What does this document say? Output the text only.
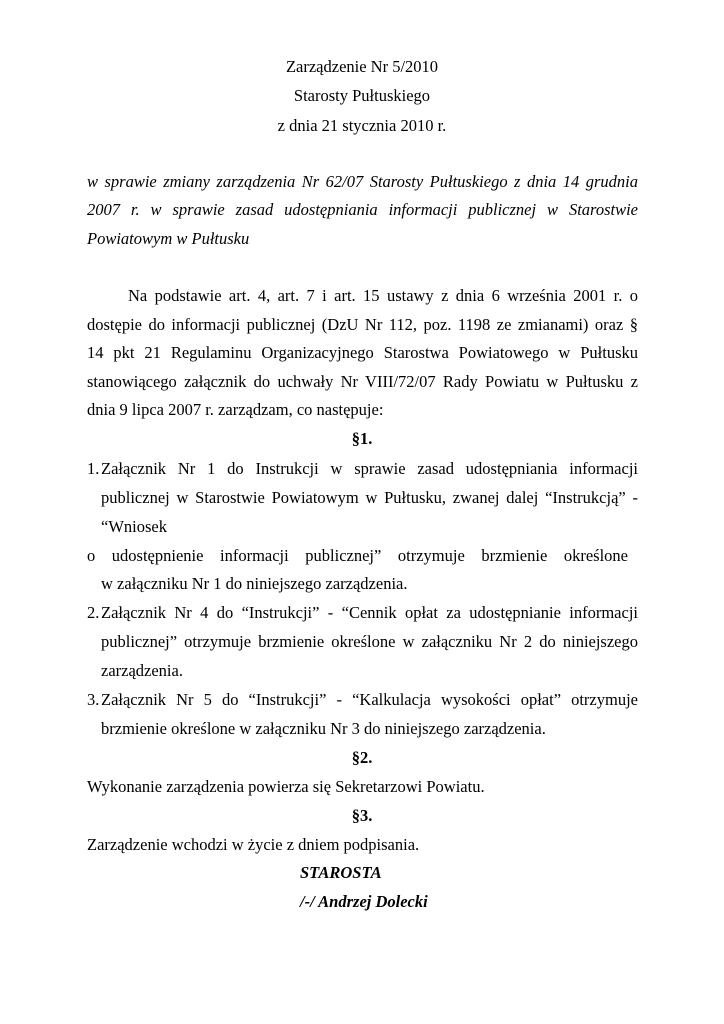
Zarządzenie Nr 5/2010
Starosty Pułtuskiego
z dnia 21 stycznia 2010 r.
w sprawie zmiany zarządzenia Nr 62/07 Starosty Pułtuskiego z dnia 14 grudnia
2007 r. w sprawie zasad udostępniania informacji publicznej w Starostwie
Powiatowym w Pułtusku
Na podstawie art. 4, art. 7 i art. 15 ustawy z dnia 6 września 2001 r. o
dostępie do informacji publicznej (DzU Nr 112, poz. 1198 ze zmianami) oraz §
14 pkt 21 Regulaminu Organizacyjnego Starostwa Powiatowego w Pułtusku
stanowiącego załącznik do uchwały Nr VIII/72/07 Rady Powiatu w Pułtusku z
dnia 9 lipca 2007 r. zarządzam, co następuje:
§1.
1. Załącznik Nr 1 do Instrukcji w sprawie zasad udostępniania informacji
publicznej w Starostwie Powiatowym w Pułtusku, zwanej dalej “Instrukcją” -
“Wniosek
o udostępnienie informacji publicznej” otrzymuje brzmienie określone
w załączniku Nr 1 do niniejszego zarządzenia.
2. Załącznik Nr 4 do “Instrukcji” - “Cennik opłat za udostępnianie informacji
publicznej” otrzymuje brzmienie określone w załączniku Nr 2 do niniejszego
zarządzenia.
3. Załącznik Nr 5 do “Instrukcji” - “Kalkulacja wysokości opłat” otrzymuje
brzmienie określone w załączniku Nr 3 do niniejszego zarządzenia.
§2.
Wykonanie zarządzenia powierza się Sekretarzowi Powiatu.
§3.
Zarządzenie wchodzi w życie z dniem podpisania.
STAROSTA
/-/ Andrzej Dolecki
